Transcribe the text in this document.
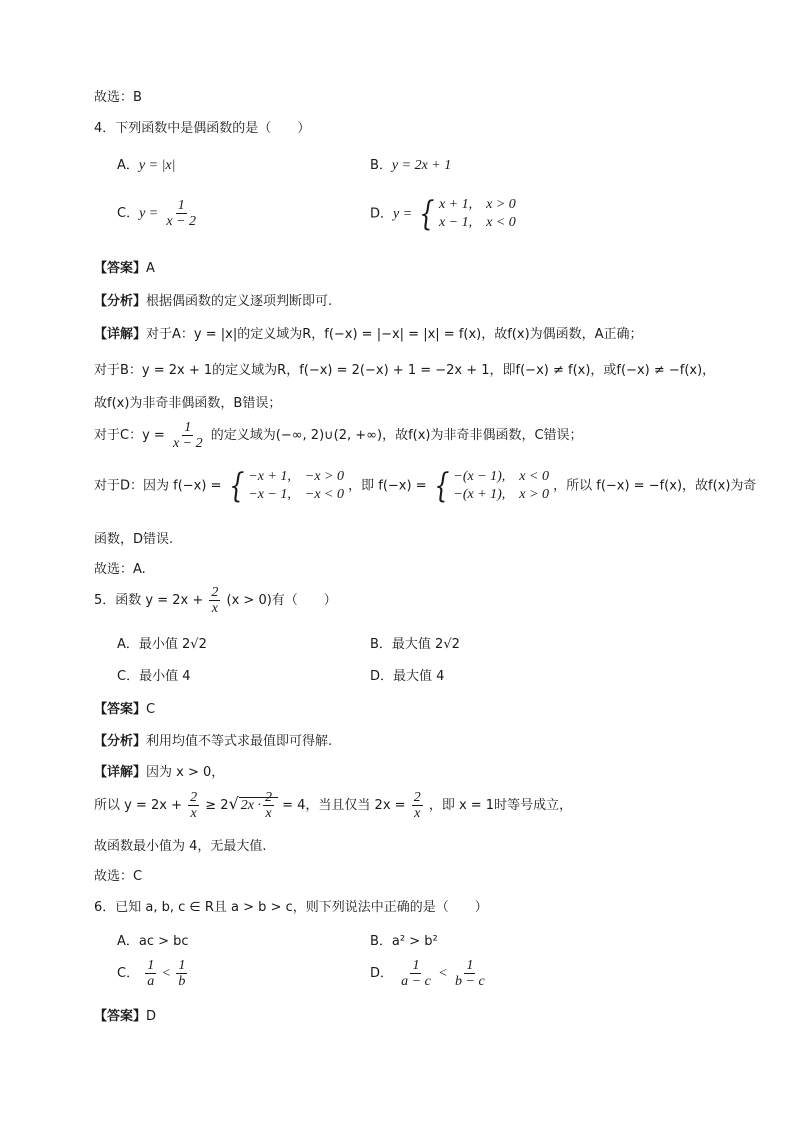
故选：B
4．下列函数中是偶函数的是（　　）
A．y = |x|	B．y = 2x + 1
C．$y = \frac{1}{x - 2}$	D．y = { x + 1,　x > 0
x − 1,　x < 0
【答案】A
【分析】根据偶函数的定义逐项判断即可.
【详解】对于A：y = |x|的定义域为R，f(−x) = |−x| = |x| = f(x)，故f(x)为偶函数，A正确；
对于B：y = 2x + 1的定义域为R，f(−x) = 2(−x) + 1 = −2x + 1，即f(−x) ≠ f(x)，或f(−x) ≠ −f(x)，
故f(x)为非奇非偶函数，B错误；
对于C：$y = \frac{1}{x - 2}$ 的定义域为(−∞, 2)∪(2, +∞)，故f(x)为非奇非偶函数，C错误；
对于D：因为 f(−x) = { −x + 1,　−x > 0
−x − 1,　−x < 0
，即 f(−x) = { −(x − 1),　x < 0
−(x + 1),　x > 0
，所以 f(−x) = −f(x)，故f(x)为奇
函数，D错误.
故选：A.
5．函数 $y = 2x + \frac{2}{x} (x > 0)$有（　　）
A．最小值 2√2	B．最大值 2√2
C．最小值 4	D．最大值 4
【答案】C
【分析】利用均值不等式求最值即可得解.
【详解】因为 x > 0，
所以 $y = 2x + \frac{2}{x} \ge 2√$ $2x \cdot \frac{2}{x} = 4$，当且仅当 $2x = \frac{2}{x}$ ，即 x = 1时等号成立，
故函数最小值为 4，无最大值.
故选：C
6．已知 a, b, c ∈ R且 a > b > c，则下列说法中正确的是（　　）
A．ac > bc	B．a² > b²
C． $\frac{1}{a} < \frac{1}{b}$	D． $\frac{1}{a - c} < \frac{1}{b - c}$
【答案】D
